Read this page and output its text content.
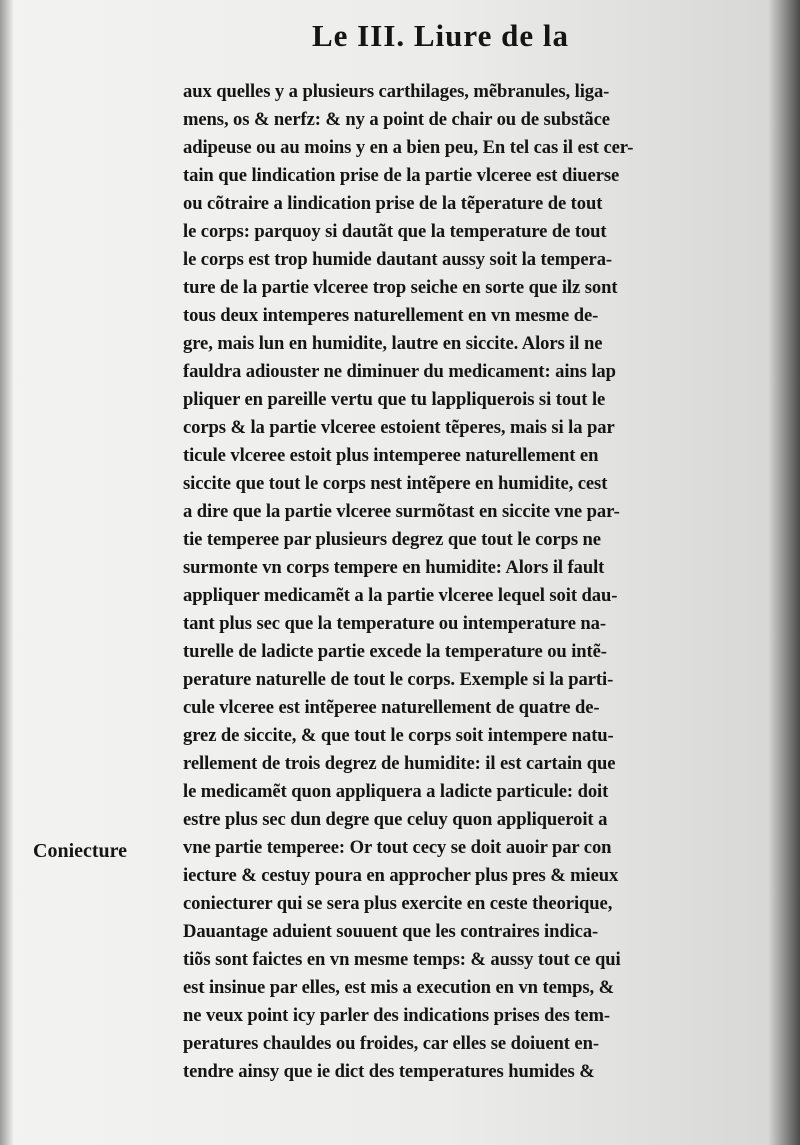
Le III. Liure de la
aux quelles y a plusieurs carthilages, mẽbranules, liga-
mens, os & nerfz: & ny a point de chair ou de substãce
adipeuse ou au moins y en a bien peu, En tel cas il est cer-
tain que lindication prise de la partie vlceree est diuerse
ou cõtraire a lindication prise de la tẽperature de tout
le corps: parquoy si dautãt que la temperature de tout
le corps est trop humide dautant aussy soit la tempera-
ture de la partie vlceree trop seiche en sorte que ilz sont
tous deux intemperes naturellement en vn mesme de-
gre, mais lun en humidite, lautre en siccite. Alors il ne
fauldra adiouster ne diminuer du medicament: ains lap
pliquer en pareille vertu que tu lappliquerois si tout le
corps & la partie vlceree estoient tẽperes, mais si la par
ticule vlceree estoit plus intemperee naturellement en
siccite que tout le corps nest intẽpere en humidite, cest
a dire que la partie vlceree surmõtast en siccite vne par-
tie temperee par plusieurs degrez que tout le corps ne
surmonte vn corps tempere en humidite: Alors il fault
appliquer medicamẽt a la partie vlceree lequel soit dau-
tant plus sec que la temperature ou intemperature na-
turelle de ladicte partie excede la temperature ou intẽ-
perature naturelle de tout le corps. Exemple si la parti-
cule vlceree est intẽperee naturellement de quatre de-
grez de siccite, & que tout le corps soit intempere natu-
rellement de trois degrez de humidite: il est cartain que
le medicamẽt quon appliquera a ladicte particule: doit
estre plus sec dun degre que celuy quon appliqueroit a
vne partie temperee: Or tout cecy se doit auoir par con
iecture & cestuy poura en approcher plus pres & mieux
coniecturer qui se sera plus exercite en ceste theorique,
Dauantage aduient souuent que les contraires indica-
tiõs sont faictes en vn mesme temps: & aussy tout ce qui
est insinue par elles, est mis a execution en vn temps, &
ne veux point icy parler des indications prises des tem-
peratures chauldes ou froides, car elles se doiuent en-
tendre ainsy que ie dict des temperatures humides &
Coniecture
